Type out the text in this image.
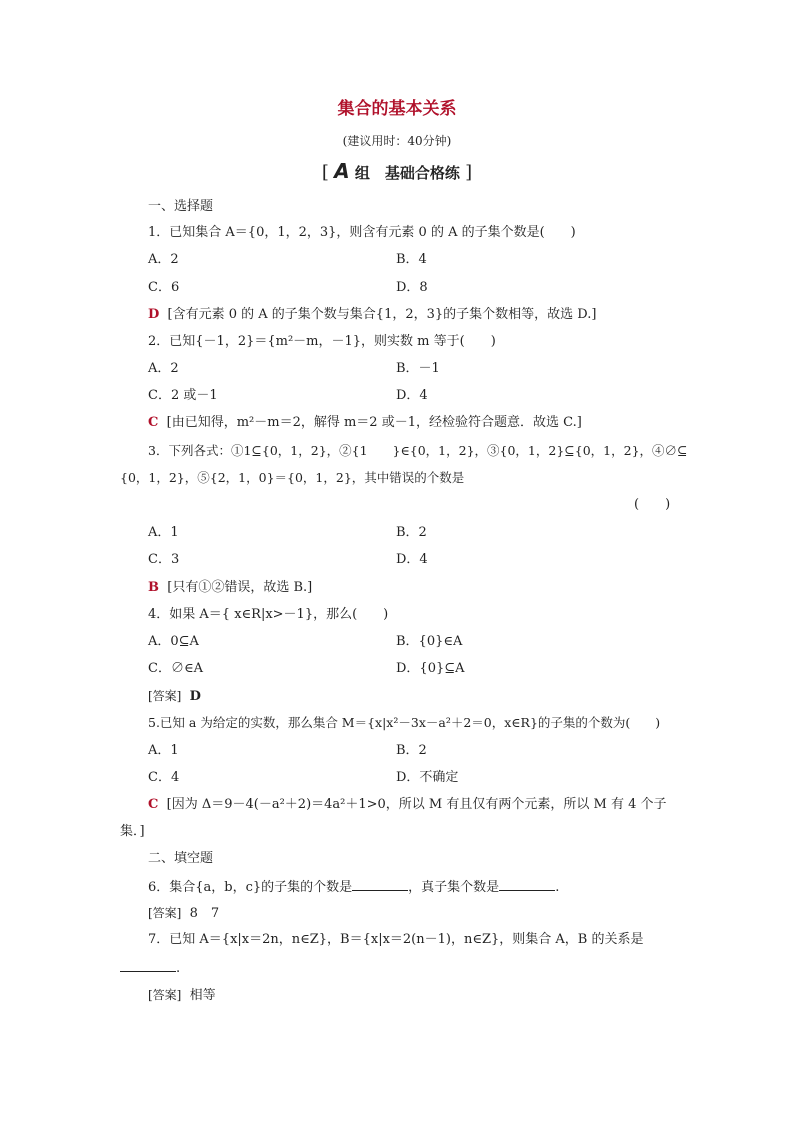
集合的基本关系
(建议用时：40分钟)
[ A 组　基础合格练 ]
一、选择题
1．已知集合 A＝{0，1，2，3}，则含有元素 0 的 A 的子集个数是(　　)
A．2	B．4
C．6	D．8
D [含有元素 0 的 A 的子集个数与集合{1，2，3}的子集个数相等，故选 D.]
2．已知{－1，2}＝{m²－m，－1}，则实数 m 等于(　　)
A．2	B．－1
C．2 或－1	D．4
C [由已知得，m²－m＝2，解得 m＝2 或－1，经检验符合题意．故选 C.]
3．下列各式：①1⊆{0，1，2}，②{1　　}∈{0，1，2}，③{0，1，2}⊆{0，1，2}，④∅⊆
{0，1，2}，⑤{2，1，0}＝{0，1，2}，其中错误的个数是
(　　)
A．1	B．2
C．3	D．4
B [只有①②错误，故选 B.]
4．如果 A＝{ x∈R|x>－1}，那么(　　)
A．0⊆A	B．{0}∈A
C．∅∈A	D．{0}⊆A
[答案] D
5.已知 a 为给定的实数，那么集合 M＝{x|x²－3x－a²＋2＝0，x∈R}的子集的个数为(　　)
A．1	B．2
C．4	D．不确定
C [因为 Δ＝9－4(－a²＋2)＝4a²＋1>0，所以 M 有且仅有两个元素，所以 M 有 4 个子
集．]
二、填空题
6．集合{a，b，c}的子集的个数是	，真子集个数是	.
[答案] 8　7
7．已知 A＝{x|x＝2n，n∈Z}，B＝{x|x＝2(n－1)，n∈Z}，则集合 A，B 的关系是
.
[答案] 相等
